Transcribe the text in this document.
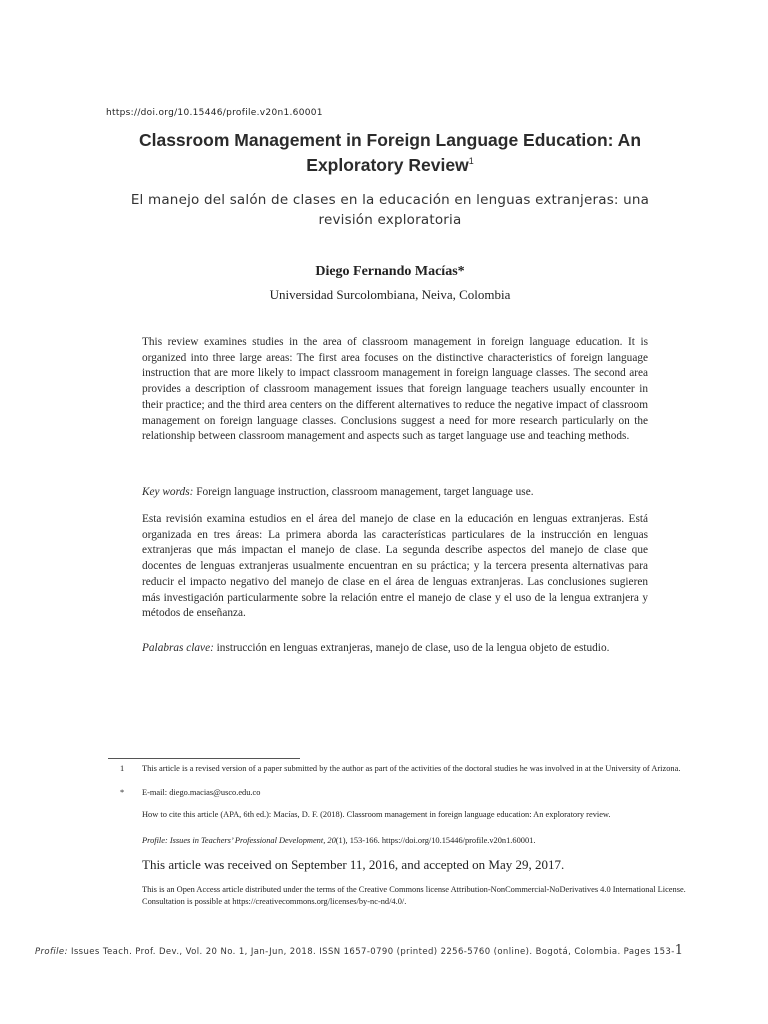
https://doi.org/10.15446/profile.v20n1.60001
Classroom Management in Foreign Language Education: An Exploratory Review$^1$
El manejo del salón de clases en la educación en lenguas extranjeras: una revisión exploratoria
Diego Fernando Macías*
Universidad Surcolombiana, Neiva, Colombia

This review examines studies in the area of classroom management in foreign language education. It is organized into three large areas: The first area focuses on the distinctive characteristics of foreign language instruction that are more likely to impact classroom management in foreign language classes. The second area provides a description of classroom management issues that foreign language teachers usually encounter in their practice; and the third area centers on the different alternatives to reduce the negative impact of classroom management on foreign language classes. Conclusions suggest a need for more research particularly on the relationship between classroom management and aspects such as target language use and teaching methods.

Key words: Foreign language instruction, classroom management, target language use.

Esta revisión examina estudios en el área del manejo de clase en la educación en lenguas extranjeras. Está organizada en tres áreas: La primera aborda las características particulares de la instrucción en lenguas extranjeras que más impactan el manejo de clase. La segunda describe aspectos del manejo de clase que docentes de lenguas extranjeras usualmente encuentran en su práctica; y la tercera presenta alternativas para reducir el impacto negativo del manejo de clase en el área de lenguas extranjeras. Las conclusiones sugieren más investigación particularmente sobre la relación entre el manejo de clase y el uso de la lengua extranjera y métodos de enseñanza.

Palabras clave: instrucción en lenguas extranjeras, manejo de clase, uso de la lengua objeto de estudio.

1 This article is a revised version of a paper submitted by the author as part of the activities of the doctoral studies he was involved in at the University of Arizona.
* E-mail: diego.macias@usco.edu.co
How to cite this article (APA, 6th ed.): Macías, D. F. (2018). Classroom management in foreign language education: An exploratory review.
Profile: Issues in Teachers’ Professional Development, 20(1), 153-166. https://doi.org/10.15446/profile.v20n1.60001.
This article was received on September 11, 2016, and accepted on May 29, 2017.
This is an Open Access article distributed under the terms of the Creative Commons license Attribution-NonCommercial-NoDerivatives 4.0 International License. Consultation is possible at https://creativecommons.org/licenses/by-nc-nd/4.0/.
Profile: Issues Teach. Prof. Dev., Vol. 20 No. 1, Jan-Jun, 2018. ISSN 1657-0790 (printed) 2256-5760 (online). Bogotá, Colombia. Pages 153-1
